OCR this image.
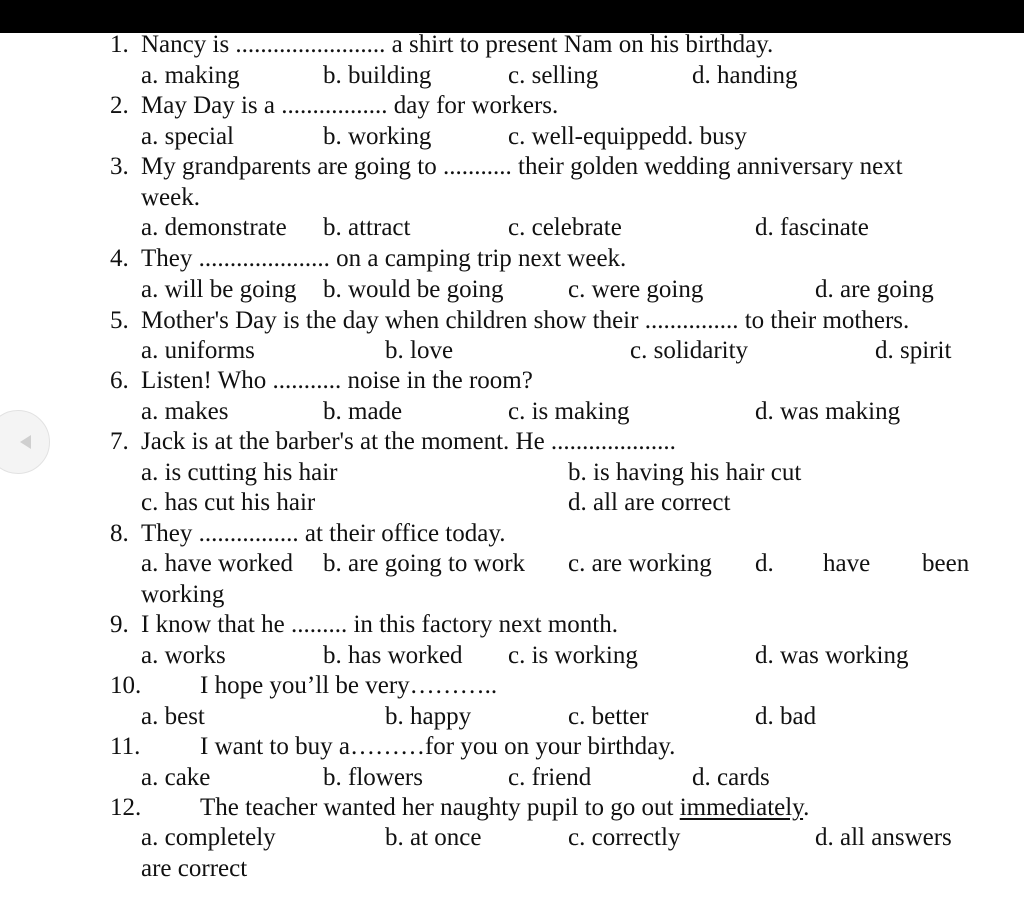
1. Nancy is ........................ a shirt to present Nam on his birthday.
a. making	b. building	c. selling	d. handing
2. May Day is a ................. day for workers.
a. special	b. working	c. well-equippedd. busy
3. My grandparents are going to ........... their golden wedding anniversary next
week.
a. demonstrate b. attract	c. celebrate	d. fascinate
4. They ..................... on a camping trip next week.
a. will be going b. would be going	c. were going	d. are going
5. Mother's Day is the day when children show their ............... to their mothers.
a. uniforms	b. love	c. solidarity	d. spirit
6. Listen! Who ........... noise in the room?
a. makes	b. made	c. is making	d. was making
7. Jack is at the barber's at the moment. He ....................
a. is cutting his hair	b. is having his hair cut
c. has cut his hair	d. all are correct
8. They ................ at their office today.
a. have worked b. are going to work c. are working d. have been
working
9. I know that he ......... in this factory next month.
a. works	b. has worked c. is working	d. was working
10. I hope you’ll be very………..
a. best	b. happy	c. better	d. bad
11. I want to buy a………for you on your birthday.
a. cake	b. flowers	c. friend	d. cards
12. The teacher wanted her naughty pupil to go out immediately.
a. completely	b. at once	c. correctly	d. all answers
are correct
